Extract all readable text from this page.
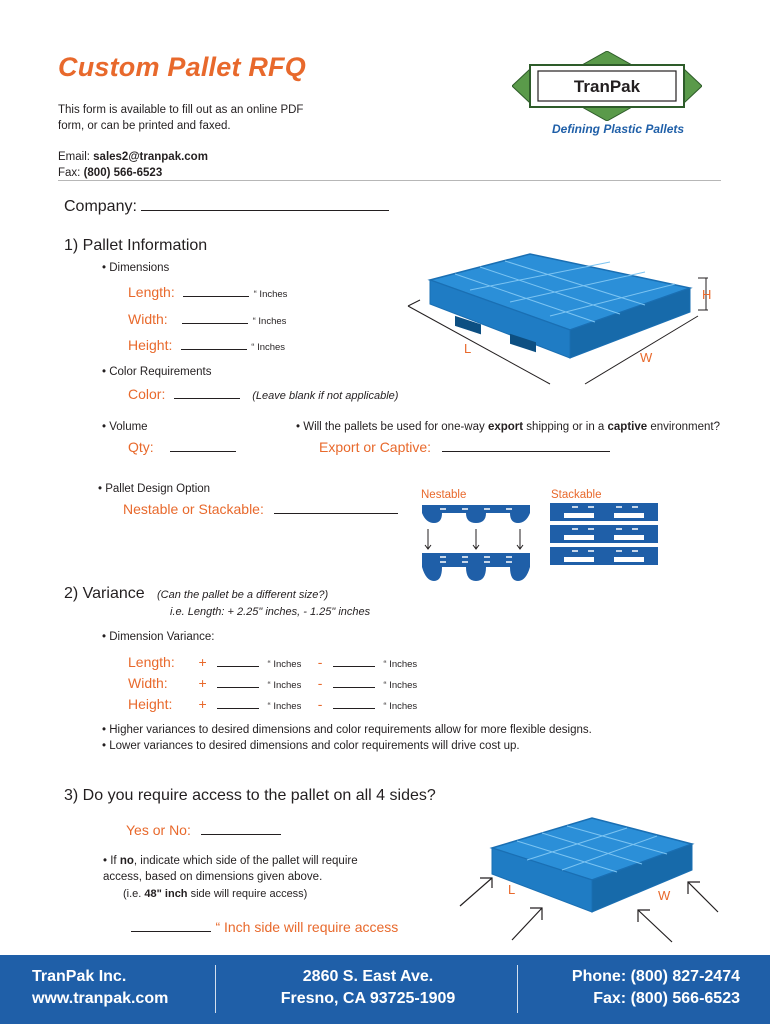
Custom Pallet RFQ
This form is available to fill out as an online PDF
form, or can be printed and faxed.
Email: sales2@tranpak.com
Fax: (800) 566-6523
TranPak
Defining Plastic Pallets
Company:
1) Pallet Information
• Dimensions
Length:	“ Inches
Width:	“ Inches
Height:	“ Inches	L
W
H
• Color Requirements
Color:	(Leave blank if not applicable)
• Volume
Qty:
• Will the pallets be used for one-way export shipping or in a captive environment?
Export or Captive:
• Pallet Design Option
Nestable or Stackable:
Nestable	Stackable
2) Variance (Can the pallet be a different size?)
i.e. Length: + 2.25" inches, - 1.25" inches
• Dimension Variance:
Length: +	“ Inches -	“ Inches
Width: +	“ Inches -	“ Inches
Height: +	“ Inches -	“ Inches
• Higher variances to desired dimensions and color requirements allow for more flexible designs.
• Lower variances to desired dimensions and color requirements will drive cost up.
3) Do you require access to the pallet on all 4 sides?
Yes or No:
• If no, indicate which side of the pallet will require
access, based on dimensions given above.
(i.e. 48" inch side will require access)
“ Inch side will require access
L	W
TranPak Inc.
www.tranpak.com
2860 S. East Ave.
Fresno, CA 93725-1909
Phone: (800) 827-2474
Fax: (800) 566-6523
